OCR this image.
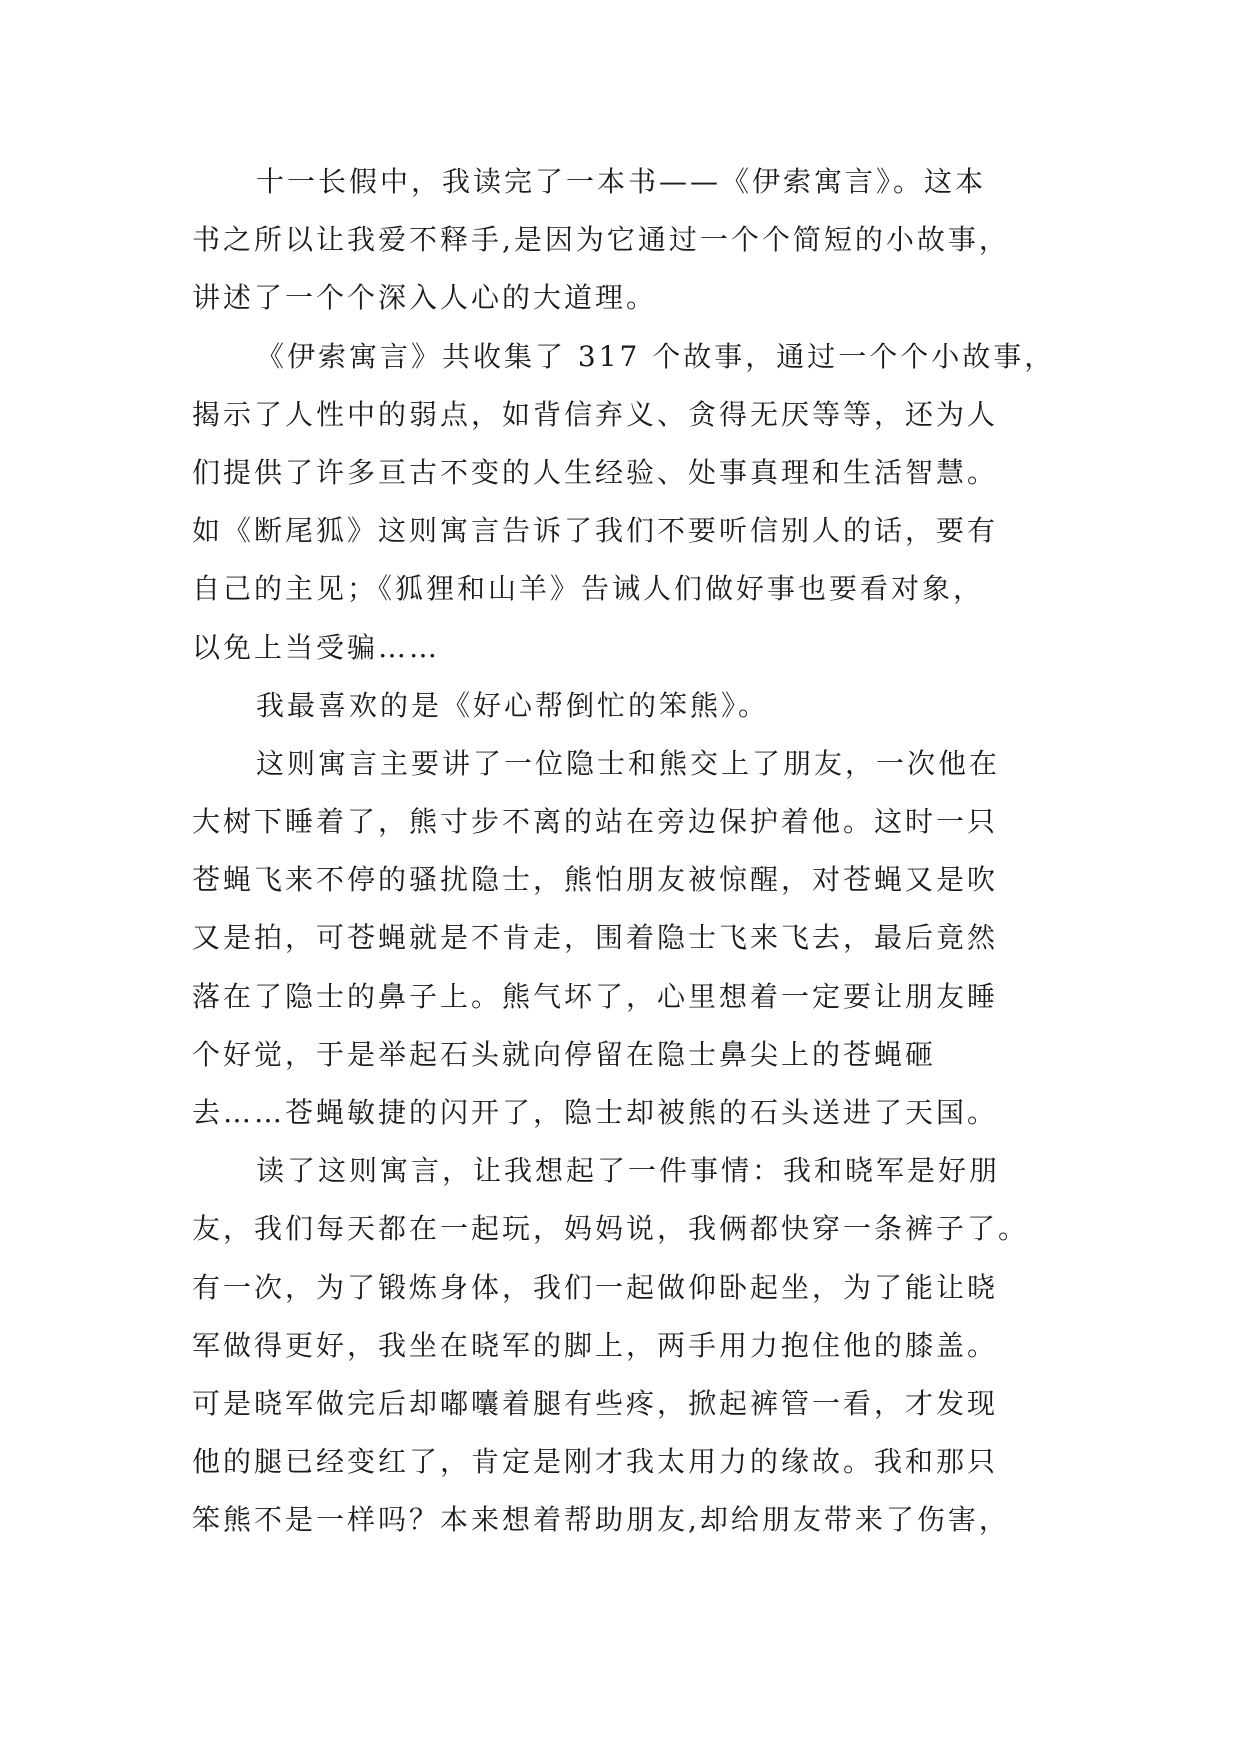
十一长假中，我读完了一本书——《伊索寓言》。这本
书之所以让我爱不释手,是因为它通过一个个简短的小故事，
讲述了一个个深入人心的大道理。
《伊索寓言》共收集了 317 个故事，通过一个个小故事，
揭示了人性中的弱点，如背信弃义、贪得无厌等等，还为人
们提供了许多亘古不变的人生经验、处事真理和生活智慧。
如《断尾狐》这则寓言告诉了我们不要听信别人的话，要有
自己的主见；《狐狸和山羊》告诫人们做好事也要看对象，
以免上当受骗……
我最喜欢的是《好心帮倒忙的笨熊》。
这则寓言主要讲了一位隐士和熊交上了朋友，一次他在
大树下睡着了，熊寸步不离的站在旁边保护着他。这时一只
苍蝇飞来不停的骚扰隐士，熊怕朋友被惊醒，对苍蝇又是吹
又是拍，可苍蝇就是不肯走，围着隐士飞来飞去，最后竟然
落在了隐士的鼻子上。熊气坏了，心里想着一定要让朋友睡
个好觉，于是举起石头就向停留在隐士鼻尖上的苍蝇砸
去……苍蝇敏捷的闪开了，隐士却被熊的石头送进了天国。
读了这则寓言，让我想起了一件事情：我和晓军是好朋
友，我们每天都在一起玩，妈妈说，我俩都快穿一条裤子了。
有一次，为了锻炼身体，我们一起做仰卧起坐，为了能让晓
军做得更好，我坐在晓军的脚上，两手用力抱住他的膝盖。
可是晓军做完后却嘟囔着腿有些疼，掀起裤管一看，才发现
他的腿已经变红了，肯定是刚才我太用力的缘故。我和那只
笨熊不是一样吗？本来想着帮助朋友,却给朋友带来了伤害，
